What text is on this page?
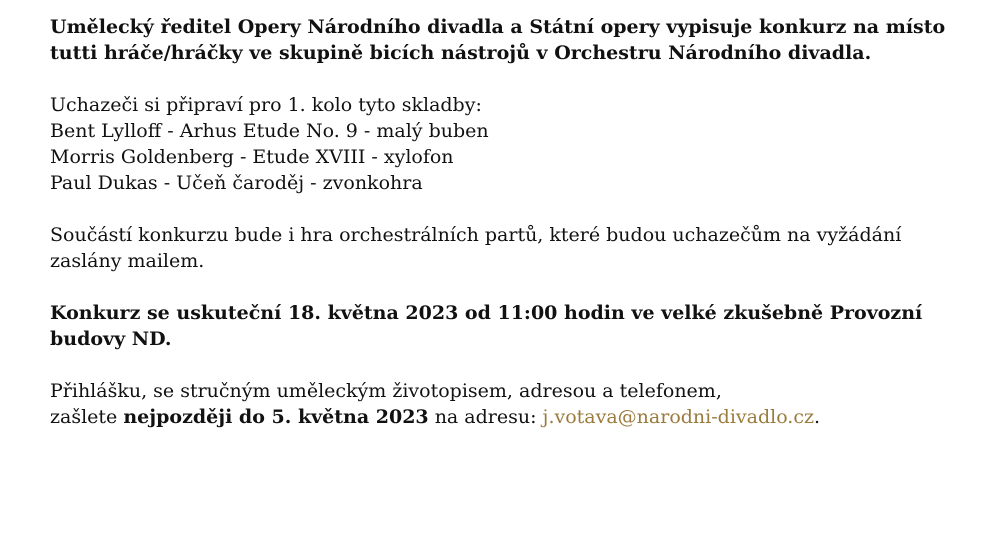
Umělecký ředitel Opery Národního divadla a Státní opery vypisuje konkurz na místo tutti hráče/hráčky ve skupině bicích nástrojů v Orchestru Národního divadla.

Uchazeči si připraví pro 1. kolo tyto skladby:
Bent Lylloff - Arhus Etude No. 9 - malý buben
Morris Goldenberg - Etude XVIII - xylofon
Paul Dukas - Učeň čaroděj - zvonkohra

Součástí konkurzu bude i hra orchestrálních partů, které budou uchazečům na vyžádání zaslány mailem.

Konkurz se uskuteční 18. května 2023 od 11:00 hodin ve velké zkušebně Provozní budovy ND.

Přihlášku, se stručným uměleckým životopisem, adresou a telefonem,
zašlete nejpozději do 5. května 2023 na adresu: j.votava@narodni-divadlo.cz.
